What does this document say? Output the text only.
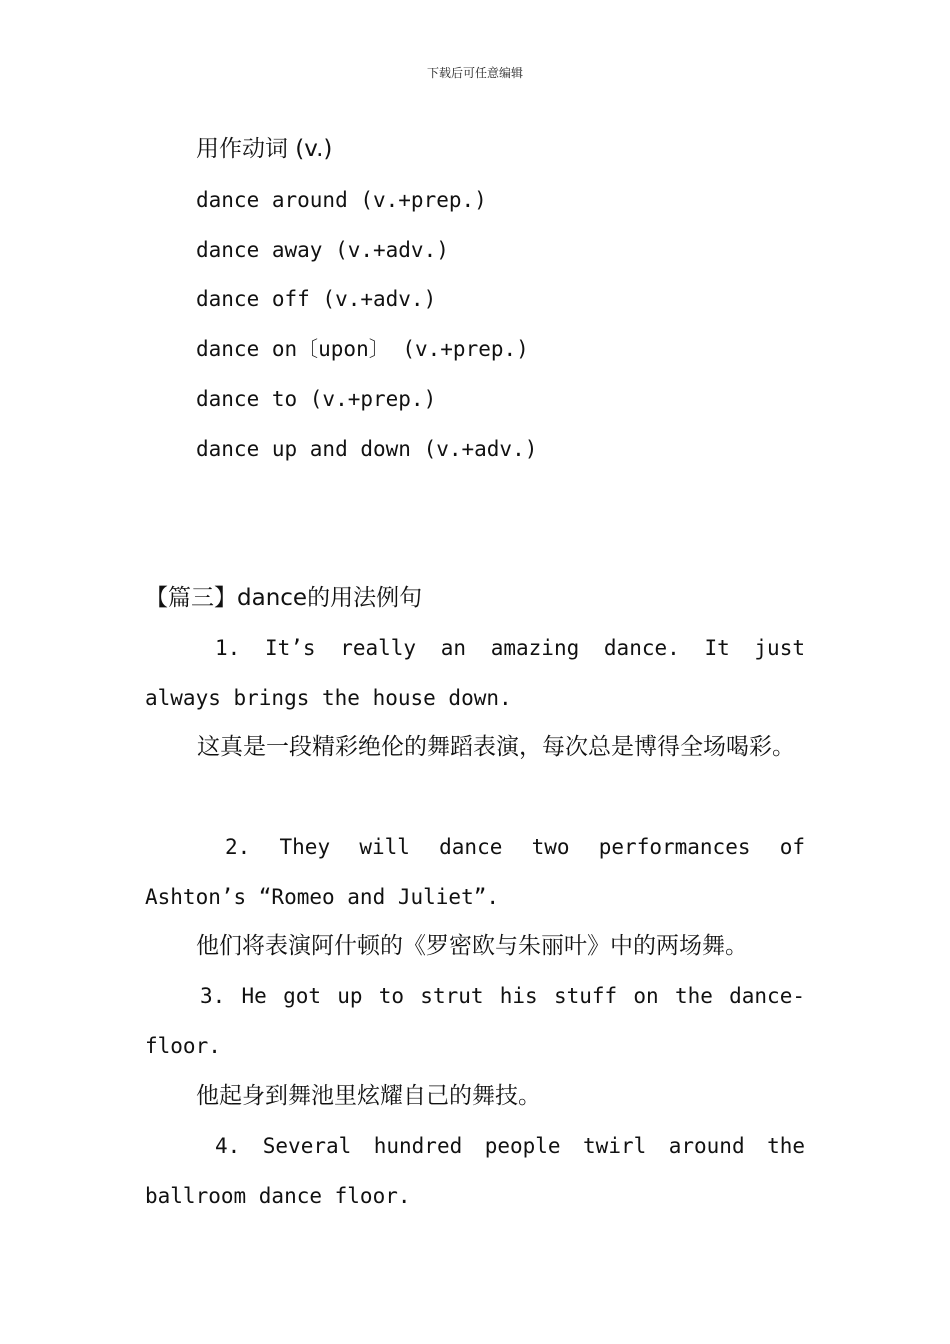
下载后可任意编辑
用作动词 (v.)
dance around (v.+prep.)
dance away (v.+adv.)
dance off (v.+adv.)
dance on〔upon〕 (v.+prep.)
dance to (v.+prep.)
dance up and down (v.+adv.)
【篇三】dance的用法例句
1. It’s really an amazing dance. It just
always brings the house down.
这真是一段精彩绝伦的舞蹈表演，每次总是博得全场喝彩。
2. They will dance two performances of
Ashton’s “Romeo and Juliet”.
他们将表演阿什顿的《罗密欧与朱丽叶》中的两场舞。
3. He got up to strut his stuff on the dance-
floor.
他起身到舞池里炫耀自己的舞技。
4. Several hundred people twirl around the
ballroom dance floor.
